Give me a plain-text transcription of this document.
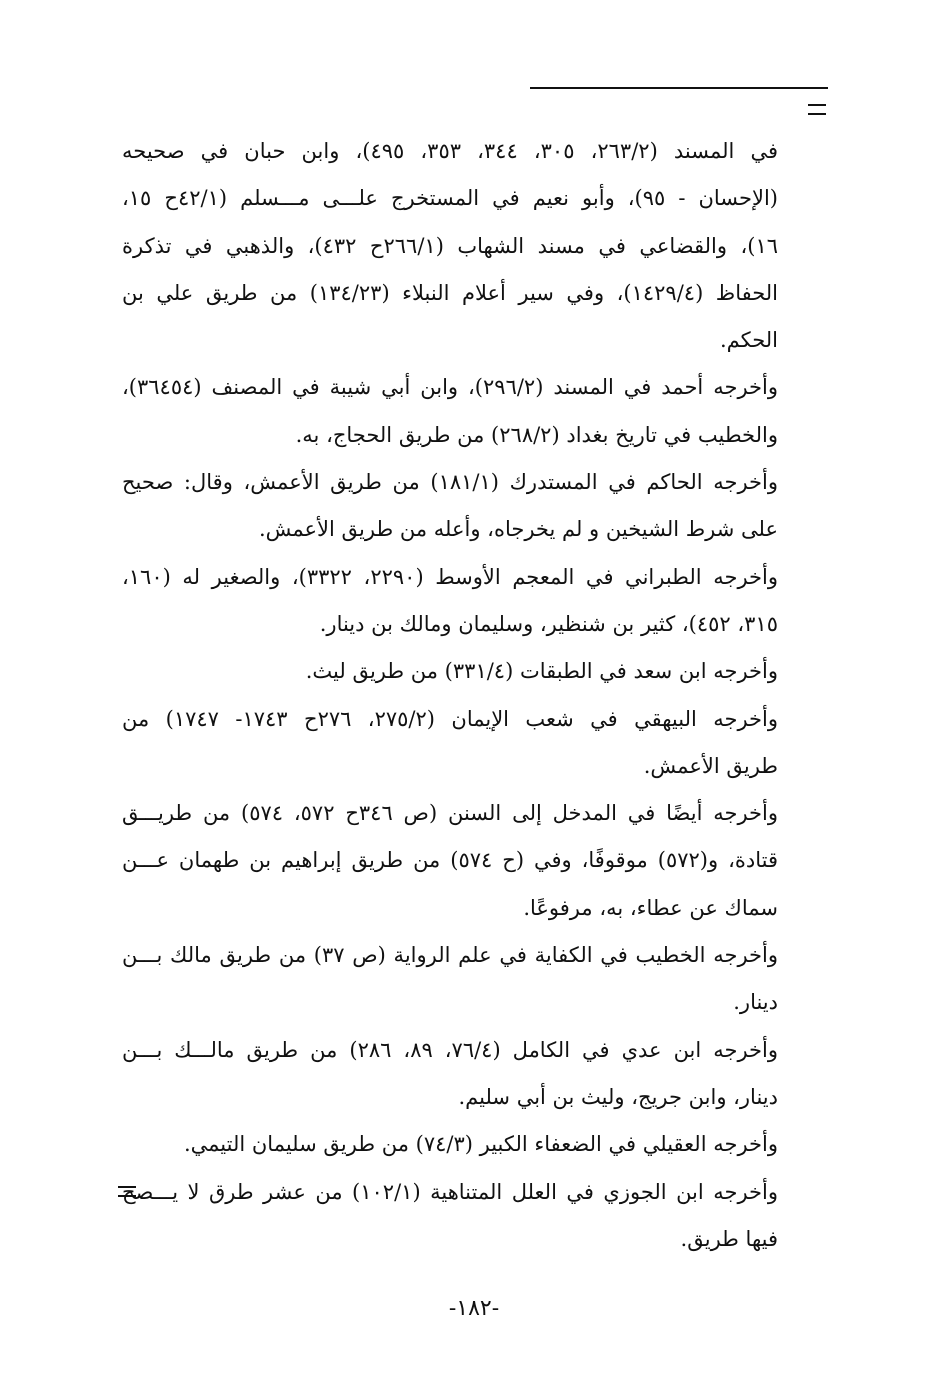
في المسند (٢٦٣/٢، ٣٠٥، ٣٤٤، ٣٥٣، ٤٩٥)، وابن حبان في صحيحه
(الإحسان - ٩٥)، وأبو نعيم في المستخرج علـــى مـــسلم (٤٢/١ح ١٥،
١٦)، والقضاعي في مسند الشهاب (٢٦٦/١ح ٤٣٢)، والذهبي في تذكرة
الحفاظ (١٤٢٩/٤)، وفي سير أعلام النبلاء (١٣٤/٢٣) من طريق علي بن
الحكم.
وأخرجه أحمد في المسند (٢٩٦/٢)، وابن أبي شيبة في المصنف (٣٦٤٥٤)،
والخطيب في تاريخ بغداد (٢٦٨/٢) من طريق الحجاج، به.
وأخرجه الحاكم في المستدرك (١٨١/١) من طريق الأعمش، وقال: صحيح
على شرط الشيخين و لم يخرجاه، وأعله من طريق الأعمش.
وأخرجه الطبراني في المعجم الأوسط (٢٢٩٠، ٣٣٢٢)، والصغير له (١٦٠،
٣١٥، ٤٥٢)، كثير بن شنظير، وسليمان ومالك بن دينار.
وأخرجه ابن سعد في الطبقات (٣٣١/٤) من طريق ليث.
وأخرجه البيهقي في شعب الإيمان (٢٧٥/٢، ٢٧٦ح ١٧٤٣- ١٧٤٧) من
طريق الأعمش.
وأخرجه أيضًا في المدخل إلى السنن (ص ٣٤٦ح ٥٧٢، ٥٧٤) من طريـــق
قتادة، و(٥٧٢) موقوفًا، وفي (ح ٥٧٤) من طريق إبراهيم بن طهمان عـــن
سماك عن عطاء، به، مرفوعًا.
وأخرجه الخطيب في الكفاية في علم الرواية (ص ٣٧) من طريق مالك بـــن
دينار.
وأخرجه ابن عدي في الكامل (٧٦/٤، ٨٩، ٢٨٦) من طريق مالـــك بـــن
دينار، وابن جريج، وليث بن أبي سليم.
وأخرجه العقيلي في الضعفاء الكبير (٧٤/٣) من طريق سليمان التيمي.
وأخرجه ابن الجوزي في العلل المتناهية (١٠٢/١) من عشر طرق لا يـــصح
فيها طريق.
-١٨٢-
